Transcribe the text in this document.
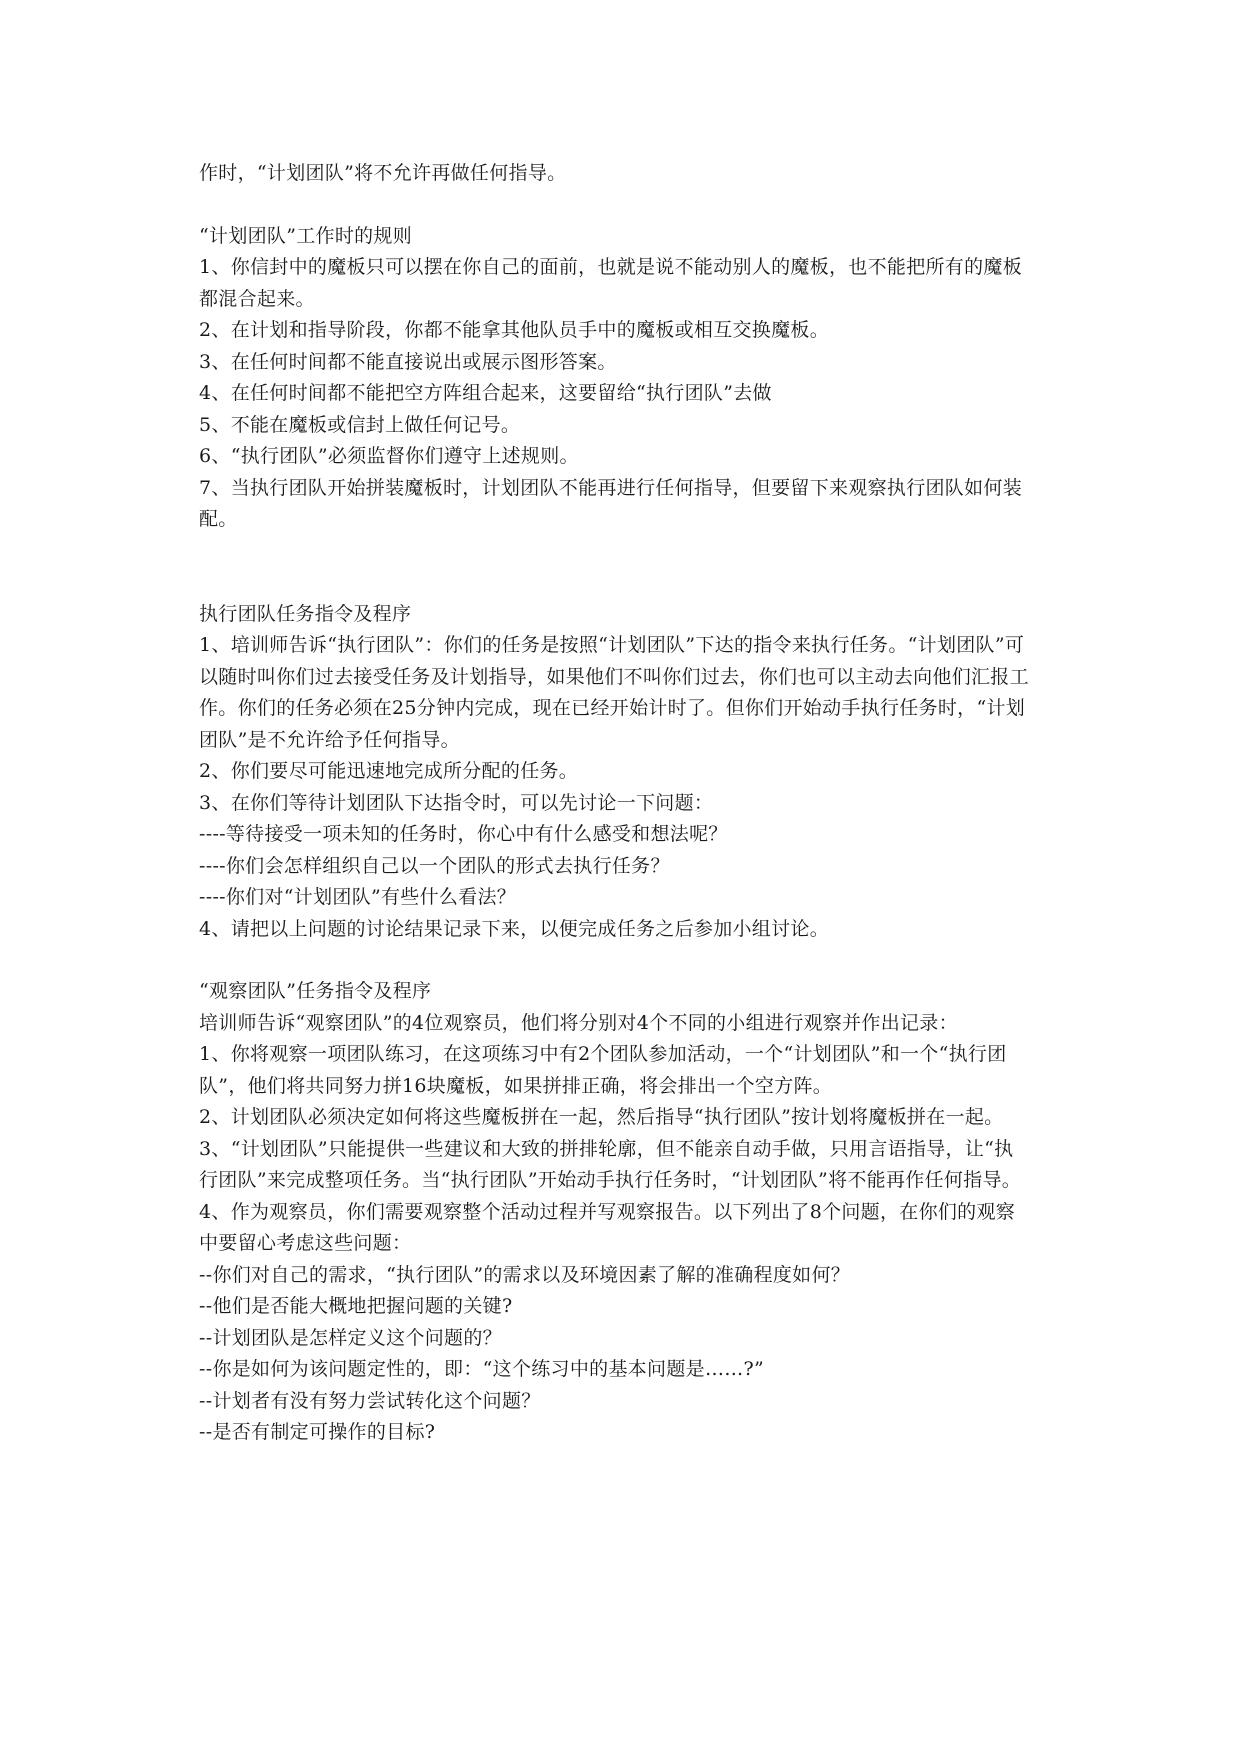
作时，“计划团队”将不允许再做任何指导。

“计划团队”工作时的规则

1、你信封中的魔板只可以摆在你自己的面前，也就是说不能动别人的魔板，也不能把所有的魔板都混合起来。

2、在计划和指导阶段，你都不能拿其他队员手中的魔板或相互交换魔板。

3、在任何时间都不能直接说出或展示图形答案。

4、在任何时间都不能把空方阵组合起来，这要留给“执行团队”去做

5、不能在魔板或信封上做任何记号。

6、“执行团队”必须监督你们遵守上述规则。

7、当执行团队开始拼装魔板时，计划团队不能再进行任何指导，但要留下来观察执行团队如何装配。

执行团队任务指令及程序

1、培训师告诉“执行团队”：你们的任务是按照“计划团队”下达的指令来执行任务。“计划团队”可以随时叫你们过去接受任务及计划指导，如果他们不叫你们过去，你们也可以主动去向他们汇报工作。你们的任务必须在25分钟内完成，现在已经开始计时了。但你们开始动手执行任务时，“计划团队”是不允许给予任何指导。

2、你们要尽可能迅速地完成所分配的任务。

3、在你们等待计划团队下达指令时，可以先讨论一下问题：

----等待接受一项未知的任务时，你心中有什么感受和想法呢？

----你们会怎样组织自己以一个团队的形式去执行任务？

----你们对“计划团队”有些什么看法？

4、请把以上问题的讨论结果记录下来，以便完成任务之后参加小组讨论。

“观察团队”任务指令及程序

培训师告诉“观察团队”的4位观察员，他们将分别对4个不同的小组进行观察并作出记录：

1、你将观察一项团队练习，在这项练习中有2个团队参加活动，一个“计划团队”和一个“执行团队”，他们将共同努力拼16块魔板，如果拼排正确，将会排出一个空方阵。

2、计划团队必须决定如何将这些魔板拼在一起，然后指导“执行团队”按计划将魔板拼在一起。

3、“计划团队”只能提供一些建议和大致的拼排轮廓，但不能亲自动手做，只用言语指导，让“执行团队”来完成整项任务。当“执行团队”开始动手执行任务时，“计划团队”将不能再作任何指导。

4、作为观察员，你们需要观察整个活动过程并写观察报告。以下列出了8个问题，在你们的观察中要留心考虑这些问题：

--你们对自己的需求，“执行团队”的需求以及环境因素了解的准确程度如何？

--他们是否能大概地把握问题的关键?

--计划团队是怎样定义这个问题的？

--你是如何为该问题定性的，即：“这个练习中的基本问题是……?”

--计划者有没有努力尝试转化这个问题？

--是否有制定可操作的目标?
